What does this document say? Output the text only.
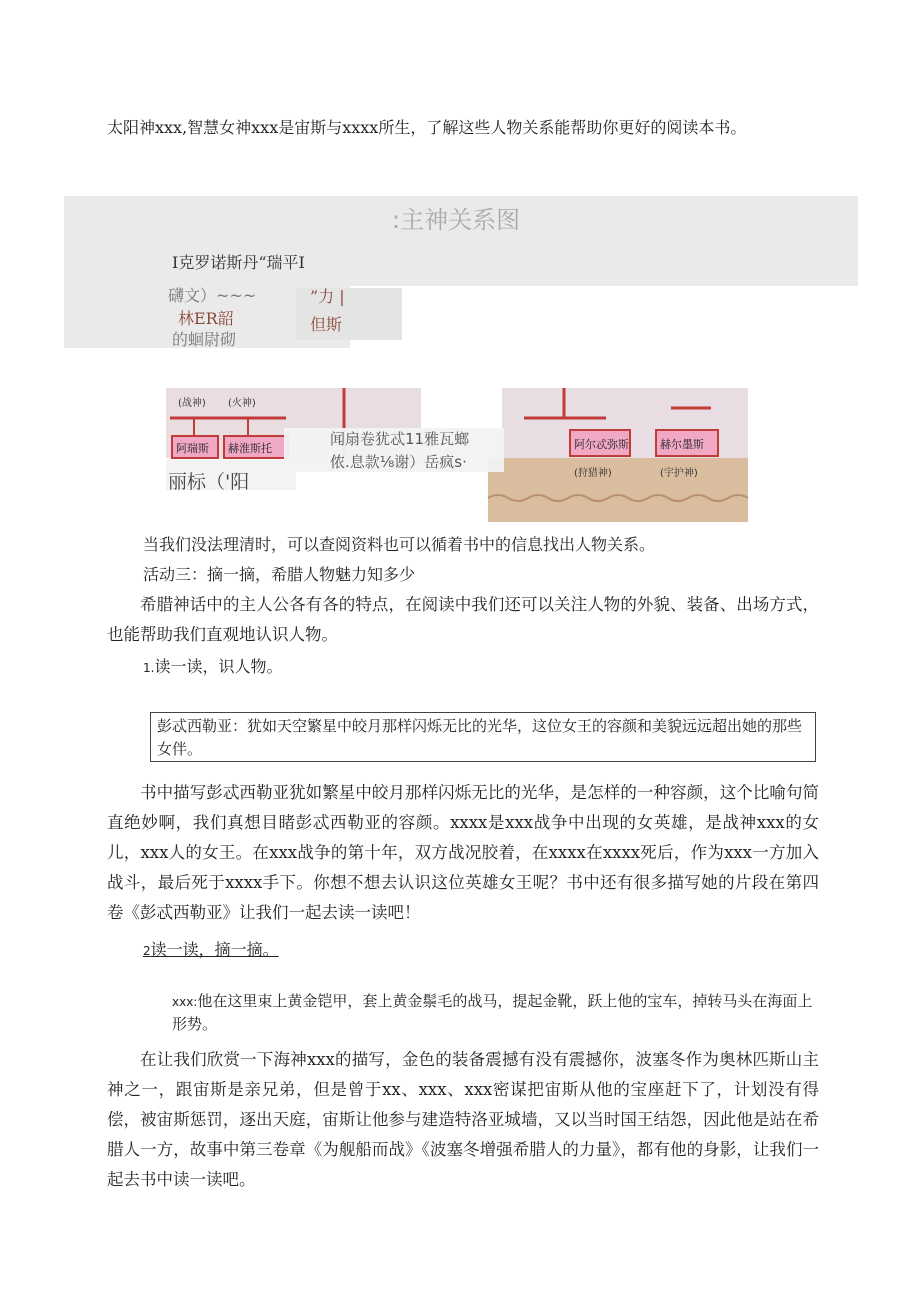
太阳神xxx,智慧女神xxx是宙斯与xxxx所生，了解这些人物关系能帮助你更好的阅读本书。
:主神关系图
I克罗诺斯丹“瑞平I
礴文）~~~
林ER韶
的蛔尉砌
”力 |
但斯
阿瑞斯 赫淮斯托	阿尔忒弥斯	赫尔墨斯
(狩猎神)	(宇护神)
(战神) (火神)
闻扇卷犹忒11雅瓦螂
侬.息款⅛谢）岳疯s·
丽标（'阳
当我们没法理清时，可以查阅资料也可以循着书中的信息找出人物关系。
活动三：摘一摘，希腊人物魅力知多少
希腊神话中的主人公各有各的特点，在阅读中我们还可以关注人物的外貌、装备、出场方式，也能帮助我们直观地认识人物。
1.读一读，识人物。
彭忒西勒亚：犹如天空繁星中皎月那样闪烁无比的光华，这位女王的容颜和美貌远远超出她的那些女伴。
书中描写彭忒西勒亚犹如繁星中皎月那样闪烁无比的光华，是怎样的一种容颜，这个比喻句简直绝妙啊，我们真想目睹彭忒西勒亚的容颜。xxxx是xxx战争中出现的女英雄，是战神xxx的女儿，xxx人的女王。在xxx战争的第十年，双方战况胶着，在xxxx在xxxx死后，作为xxx一方加入战斗，最后死于xxxx手下。你想不想去认识这位英雄女王呢？书中还有很多描写她的片段在第四卷《彭忒西勒亚》让我们一起去读一读吧！
2读一读，摘一摘。
xxx:他在这里束上黄金铠甲，套上黄金鬃毛的战马，提起金靴，跃上他的宝车，掉转马头在海面上形势。
在让我们欣赏一下海神xxx的描写，金色的装备震撼有没有震撼你，波塞冬作为奥林匹斯山主神之一，跟宙斯是亲兄弟，但是曾于xx、xxx、xxx密谋把宙斯从他的宝座赶下了，计划没有得偿，被宙斯惩罚，逐出天庭，宙斯让他参与建造特洛亚城墙，又以当时国王结怨，因此他是站在希腊人一方，故事中第三卷章《为舰船而战》《波塞冬增强希腊人的力量》，都有他的身影，让我们一起去书中读一读吧。
